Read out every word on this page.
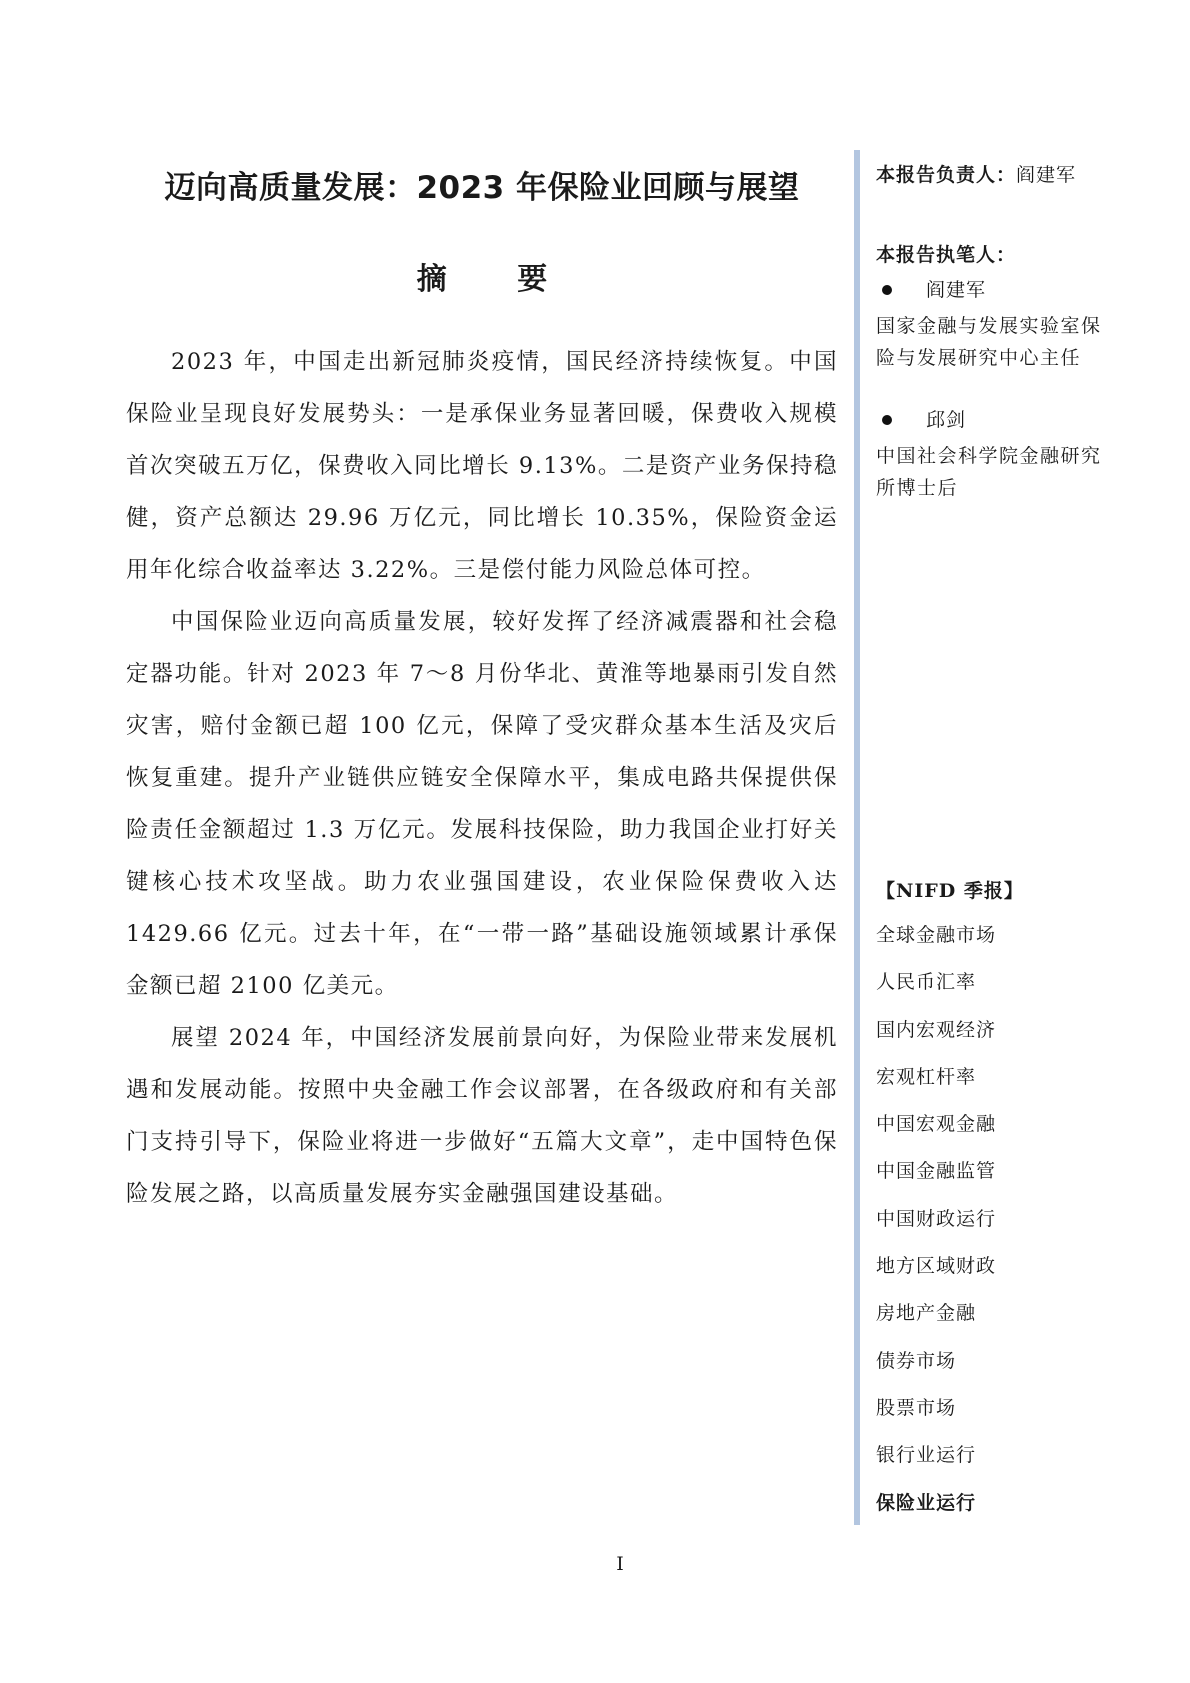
迈向高质量发展：2023 年保险业回顾与展望
摘 要

2023 年，中国走出新冠肺炎疫情，国民经济持续恢复。中国保险业呈现良好发展势头：一是承保业务显著回暖，保费收入规模首次突破五万亿，保费收入同比增长 9.13%。二是资产业务保持稳健，资产总额达 29.96 万亿元，同比增长 10.35%，保险资金运用年化综合收益率达 3.22%。三是偿付能力风险总体可控。

中国保险业迈向高质量发展，较好发挥了经济减震器和社会稳定器功能。针对 2023 年 7～8 月份华北、黄淮等地暴雨引发自然灾害，赔付金额已超 100 亿元，保障了受灾群众基本生活及灾后恢复重建。提升产业链供应链安全保障水平，集成电路共保提供保险责任金额超过 1.3 万亿元。发展科技保险，助力我国企业打好关键核心技术攻坚战。助力农业强国建设，农业保险保费收入达 1429.66 亿元。过去十年，在“一带一路”基础设施领域累计承保金额已超 2100 亿美元。

展望 2024 年，中国经济发展前景向好，为保险业带来发展机遇和发展动能。按照中央金融工作会议部署，在各级政府和有关部门支持引导下，保险业将进一步做好“五篇大文章”，走中国特色保险发展之路，以高质量发展夯实金融强国建设基础。

本报告负责人：阎建军

本报告执笔人：

阎建军
国家金融与发展实验室保险与发展研究中心主任
邱剑
中国社会科学院金融研究所博士后

【NIFD 季报】

全球金融市场
人民币汇率
国内宏观经济
宏观杠杆率
中国宏观金融
中国金融监管
中国财政运行
地方区域财政
房地产金融
债券市场
股票市场
银行业运行
保险业运行
I
